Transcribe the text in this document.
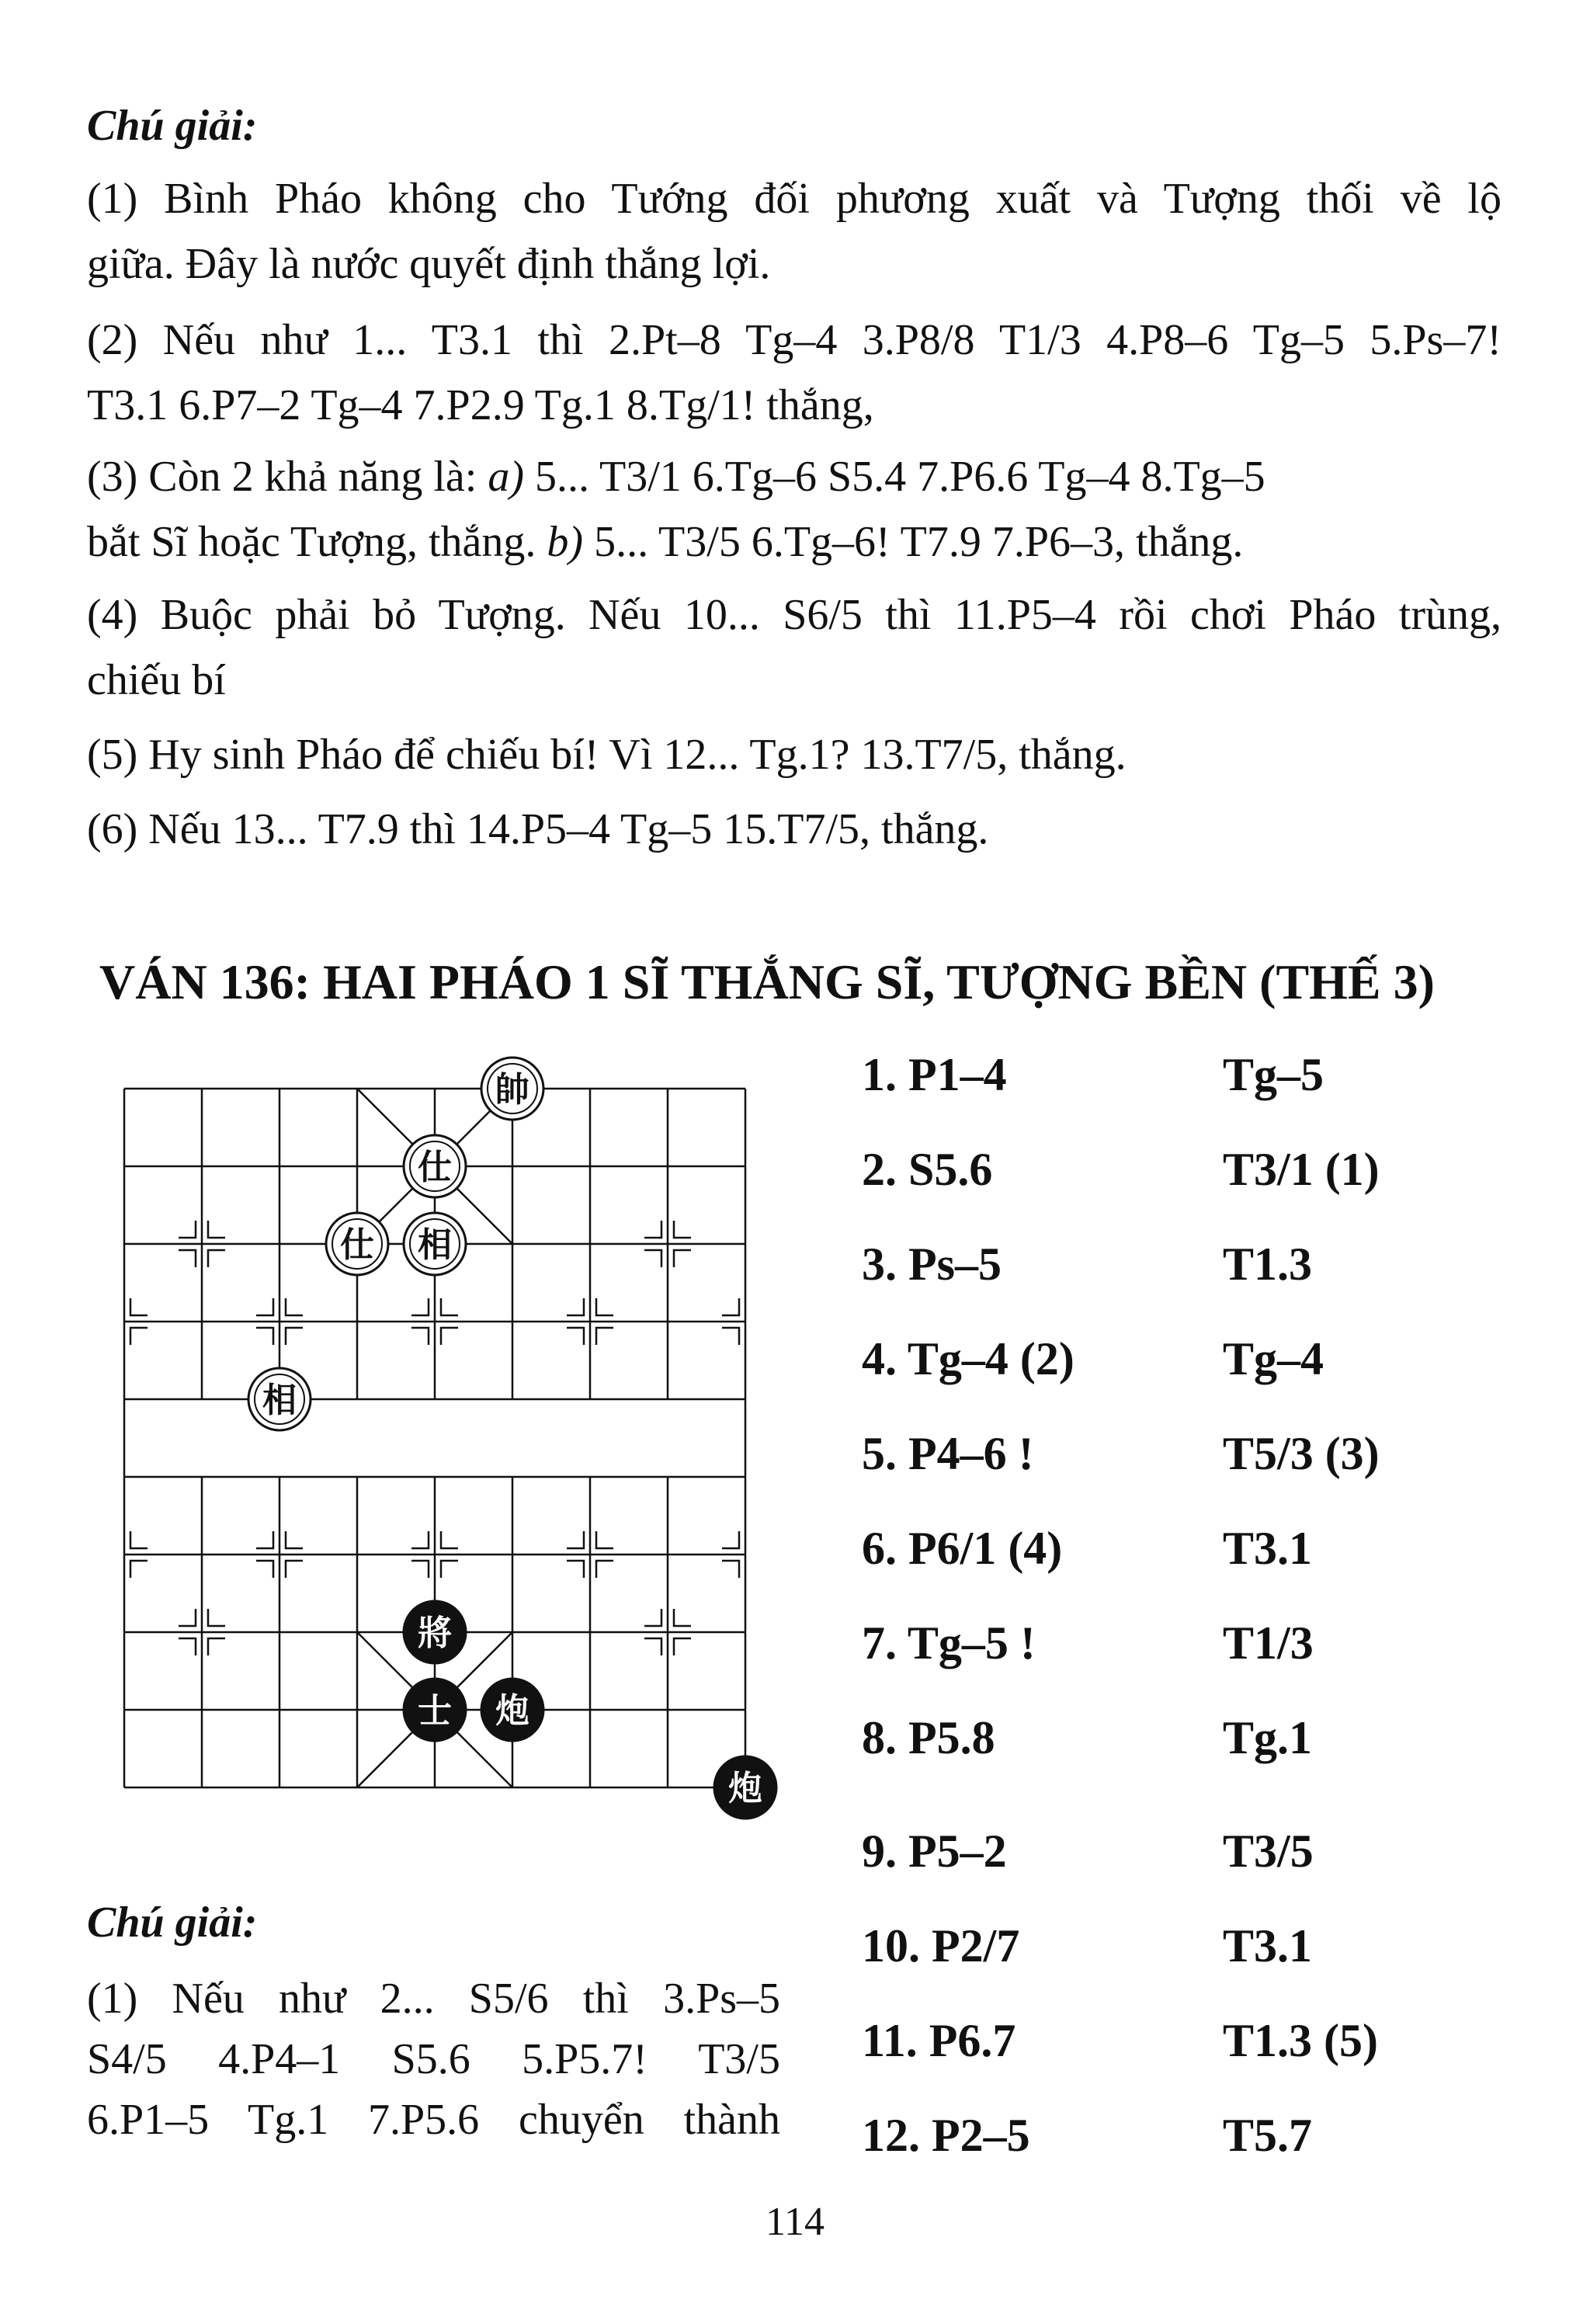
Chú giải:
(1) Bình Pháo không cho Tướng đối phương xuất và Tượng thối về lộ
giữa. Đây là nước quyết định thắng lợi.
(2) Nếu như 1... T3.1 thì 2.Pt–8 Tg–4 3.P8/8 T1/3 4.P8–6 Tg–5 5.Ps–7!
T3.1 6.P7–2 Tg–4 7.P2.9 Tg.1 8.Tg/1! thắng,
(3) Còn 2 khả năng là: a) 5... T3/1 6.Tg–6 S5.4 7.P6.6 Tg–4 8.Tg–5
bắt Sĩ hoặc Tượng, thắng. b) 5... T3/5 6.Tg–6! T7.9 7.P6–3, thắng.
(4) Buộc phải bỏ Tượng. Nếu 10... S6/5 thì 11.P5–4 rồi chơi Pháo trùng,
chiếu bí
(5) Hy sinh Pháo để chiếu bí! Vì 12... Tg.1? 13.T7/5, thắng.
(6) Nếu 13... T7.9 thì 14.P5–4 Tg–5 15.T7/5, thắng.
VÁN 136: HAI PHÁO 1 SĨ THẮNG SĨ, TƯỢNG BỀN (THẾ 3)
帥
仕
仕 相
相
將
士 炮
炮
1. P1–4	Tg–5
2. S5.6	T3/1 (1)
3. Ps–5	T1.3
4. Tg–4 (2)	Tg–4
5. P4–6 !	T5/3 (3)
6. P6/1 (4)	T3.1
7. Tg–5 !	T1/3
8. P5.8	Tg.1
9. P5–2	T3/5
10. P2/7	T3.1
11. P6.7	T1.3 (5)
12. P2–5	T5.7
Chú giải:
(1) Nếu như 2... S5/6 thì 3.Ps–5
S4/5 4.P4–1 S5.6 5.P5.7! T3/5
6.P1–5 Tg.1 7.P5.6 chuyển thành
114
